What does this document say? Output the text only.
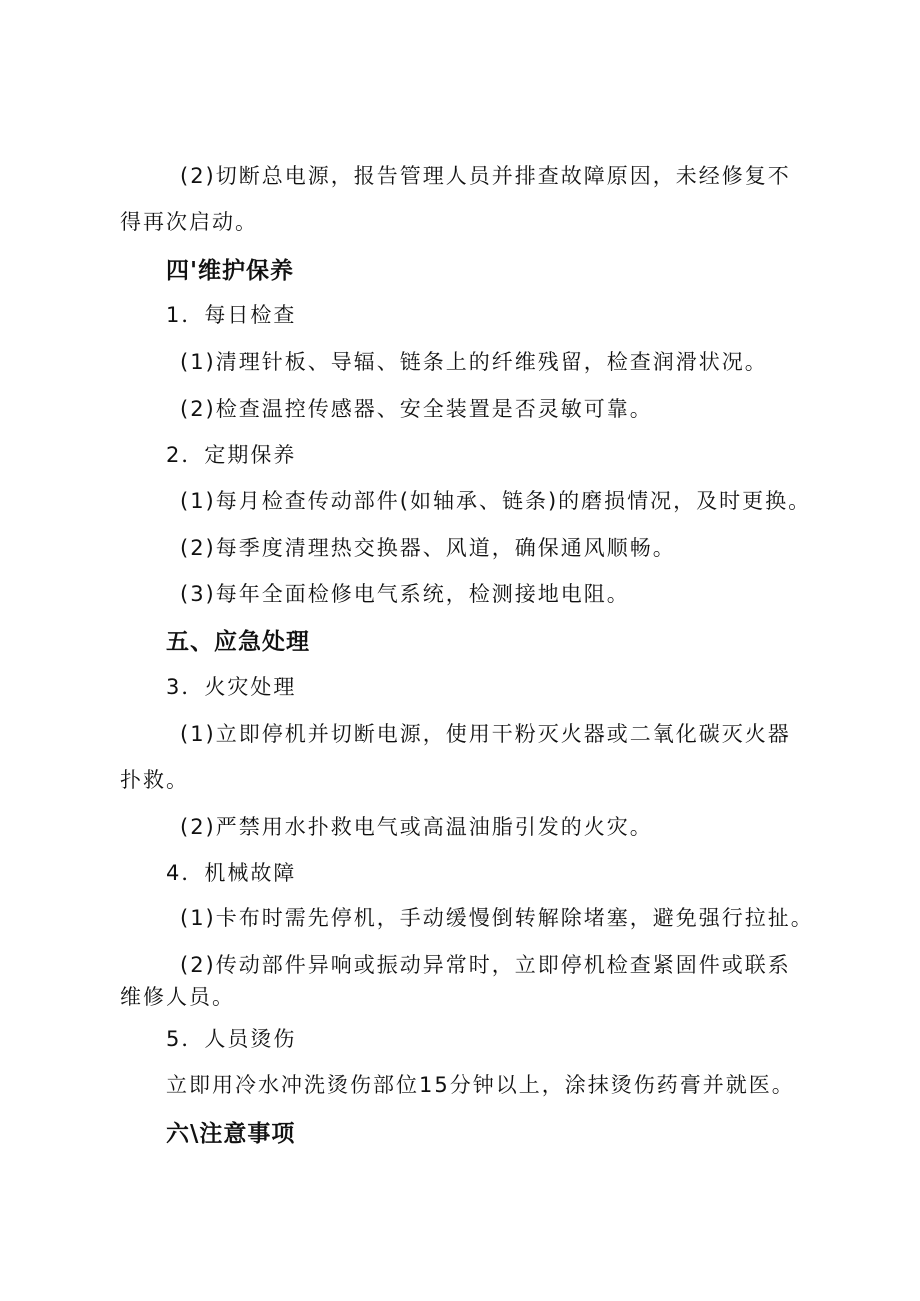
(2)切断总电源，报告管理人员并排查故障原因，未经修复不
得再次启动。
四'维护保养
1．每日检查
(1)清理针板、导辐、链条上的纤维残留，检查润滑状况。
(2)检查温控传感器、安全装置是否灵敏可靠。
2．定期保养
(1)每月检查传动部件(如轴承、链条)的磨损情况，及时更换。
(2)每季度清理热交换器、风道，确保通风顺畅。
(3)每年全面检修电气系统，检测接地电阻。
五、应急处理
3．火灾处理
(1)立即停机并切断电源，使用干粉灭火器或二氧化碳灭火器
扑救。
(2)严禁用水扑救电气或高温油脂引发的火灾。
4．机械故障
(1)卡布时需先停机，手动缓慢倒转解除堵塞，避免强行拉扯。
(2)传动部件异响或振动异常时，立即停机检查紧固件或联系
维修人员。
5．人员烫伤
立即用冷水冲洗烫伤部位15分钟以上，涂抹烫伤药膏并就医。
六\注意事项
